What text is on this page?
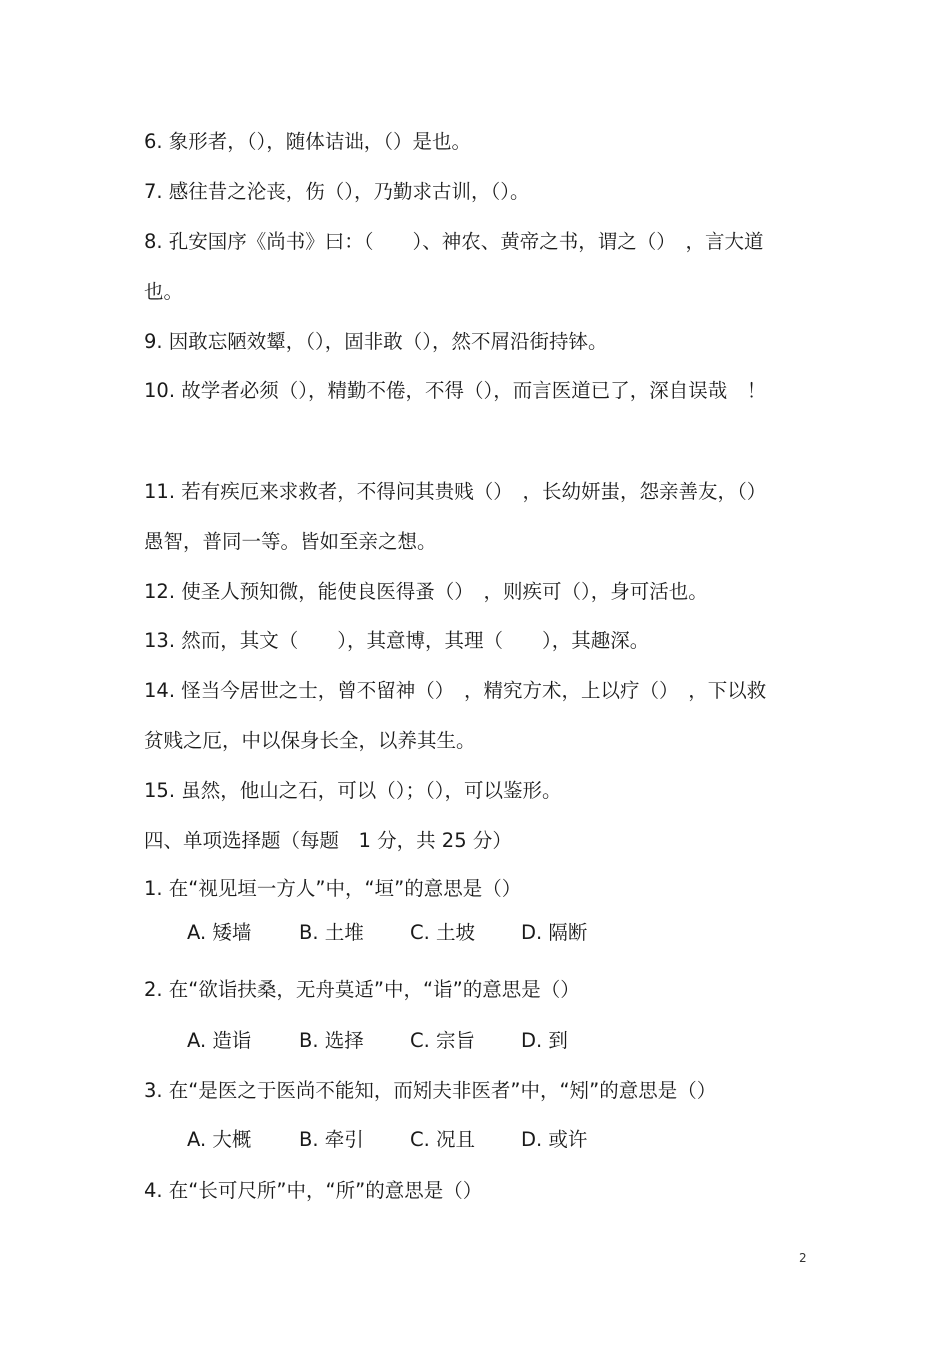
6. 象形者，（），随体诘诎，（）是也。
7. 感往昔之沦丧，伤（），乃勤求古训，（）。
8. 孔安国序《尚书》曰：（　　）、神农、黄帝之书，谓之（）　，言大道
也。
9. 因敢忘陋效颦，（），固非敢（），然不屑沿街持钵。
10. 故学者必须（），精勤不倦，不得（），而言医道已了，深自误哉　！
11. 若有疾厄来求救者，不得问其贵贱（）　，长幼妍蚩，怨亲善友，（）
愚智，普同一等。皆如至亲之想。
12. 使圣人预知微，能使良医得蚤（）　，则疾可（），身可活也。
13. 然而，其文（　　），其意博，其理（　　），其趣深。
14. 怪当今居世之士，曾不留神（）　，精究方术，上以疗（）　，下以救
贫贱之厄，中以保身长全，以养其生。
15. 虽然，他山之石，可以（）；（），可以鉴形。
四、单项选择题（每题　1 分，共 25 分）
1. 在“视见垣一方人”中，“垣”的意思是（）
A. 矮墙 B. 土堆 C. 土坡 D. 隔断
2. 在“欲诣扶桑，无舟莫适”中，“诣”的意思是（）
A. 造诣 B. 选择 C. 宗旨 D. 到
3. 在“是医之于医尚不能知，而矧夫非医者”中，“矧”的意思是（）
A. 大概 B. 牵引 C. 况且 D. 或许
4. 在“长可尺所”中，“所”的意思是（）
2
